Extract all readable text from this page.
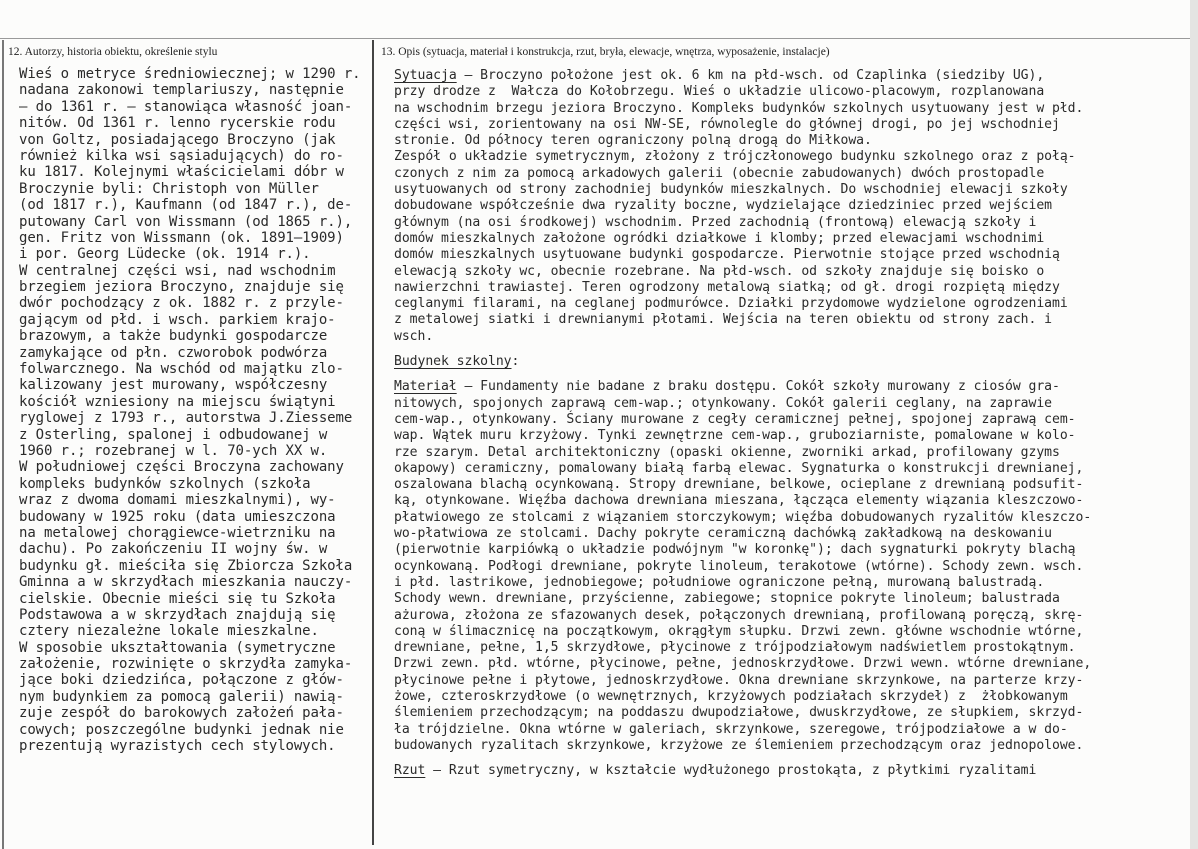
12. Autorzy, historia obiektu, określenie stylu	13. Opis (sytuacja, materiał i konstrukcja, rzut, bryła, elewacje, wnętrza, wyposażenie, instalacje)
Wieś o metryce średniowiecznej; w 1290 r.
nadana zakonowi templariuszy, następnie
– do 1361 r. – stanowiąca własność joan-
nitów. Od 1361 r. lenno rycerskie rodu
von Goltz, posiadającego Broczyno (jak
również kilka wsi sąsiadujących) do ro-
ku 1817. Kolejnymi właścicielami dóbr w
Broczynie byli: Christoph von Müller
(od 1817 r.), Kaufmann (od 1847 r.), de-
putowany Carl von Wissmann (od 1865 r.),
gen. Fritz von Wissmann (ok. 1891–1909)
i por. Georg Lüdecke (ok. 1914 r.).
W centralnej części wsi, nad wschodnim
brzegiem jeziora Broczyno, znajduje się
dwór pochodzący z ok. 1882 r. z przyle-
gającym od płd. i wsch. parkiem krajo-
brazowym, a także budynki gospodarcze
zamykające od płn. czworobok podwórza
folwarcznego. Na wschód od majątku zlo-
kalizowany jest murowany, współczesny
kościół wzniesiony na miejscu świątyni
ryglowej z 1793 r., autorstwa J.Ziesseme
z Osterling, spalonej i odbudowanej w
1960 r.; rozebranej w l. 70-ych XX w.
W południowej części Broczyna zachowany
kompleks budynków szkolnych (szkoła
wraz z dwoma domami mieszkalnymi), wy-
budowany w 1925 roku (data umieszczona
na metalowej chorągiewce-wietrzniku na
dachu). Po zakończeniu II wojny św. w
budynku gł. mieściła się Zbiorcza Szkoła
Gminna a w skrzydłach mieszkania nauczy-
cielskie. Obecnie mieści się tu Szkoła
Podstawowa a w skrzydłach znajdują się
cztery niezależne lokale mieszkalne.
W sposobie ukształtowania (symetryczne
założenie, rozwinięte o skrzydła zamyka-
jące boki dziedzińca, połączone z głów-
nym budynkiem za pomocą galerii) nawią-
zuje zespół do barokowych założeń pała-
cowych; poszczególne budynki jednak nie
prezentują wyrazistych cech stylowych.
Sytuacja – Broczyno położone jest ok. 6 km na płd-wsch. od Czaplinka (siedziby UG),
przy drodze z  Wałcza do Kołobrzegu. Wieś o układzie ulicowo-placowym, rozplanowana
na wschodnim brzegu jeziora Broczyno. Kompleks budynków szkolnych usytuowany jest w płd.
części wsi, zorientowany na osi NW-SE, równolegle do głównej drogi, po jej wschodniej
stronie. Od północy teren ograniczony polną drogą do Miłkowa.
Zespół o układzie symetrycznym, złożony z trójczłonowego budynku szkolnego oraz z połą-
czonych z nim za pomocą arkadowych galerii (obecnie zabudowanych) dwóch prostopadle
usytuowanych od strony zachodniej budynków mieszkalnych. Do wschodniej elewacji szkoły
dobudowane współcześnie dwa ryzality boczne, wydzielające dziedziniec przed wejściem
głównym (na osi środkowej) wschodnim. Przed zachodnią (frontową) elewacją szkoły i
domów mieszkalnych założone ogródki działkowe i klomby; przed elewacjami wschodnimi
domów mieszkalnych usytuowane budynki gospodarcze. Pierwotnie stojące przed wschodnią
elewacją szkoły wc, obecnie rozebrane. Na płd-wsch. od szkoły znajduje się boisko o
nawierzchni trawiastej. Teren ogrodzony metalową siatką; od gł. drogi rozpiętą między
ceglanymi filarami, na ceglanej podmurówce. Działki przydomowe wydzielone ogrodzeniami
z metalowej siatki i drewnianymi płotami. Wejścia na teren obiektu od strony zach. i
wsch.
Budynek szkolny:
Materiał – Fundamenty nie badane z braku dostępu. Cokół szkoły murowany z ciosów gra-
nitowych, spojonych zaprawą cem-wap.; otynkowany. Cokół galerii ceglany, na zaprawie
cem-wap., otynkowany. Ściany murowane z cegły ceramicznej pełnej, spojonej zaprawą cem-
wap. Wątek muru krzyżowy. Tynki zewnętrzne cem-wap., gruboziarniste, pomalowane w kolo-
rze szarym. Detal architektoniczny (opaski okienne, zworniki arkad, profilowany gzyms
okapowy) ceramiczny, pomalowany białą farbą elewac. Sygnaturka o konstrukcji drewnianej,
oszalowana blachą ocynkowaną. Stropy drewniane, belkowe, ocieplane z drewnianą podsufit-
ką, otynkowane. Więźba dachowa drewniana mieszana, łącząca elementy wiązania kleszczowo-
płatwiowego ze stolcami z wiązaniem storczykowym; więźba dobudowanych ryzalitów kleszczo-
wo-płatwiowa ze stolcami. Dachy pokryte ceramiczną dachówką zakładkową na deskowaniu
(pierwotnie karpiówką o układzie podwójnym "w koronkę"); dach sygnaturki pokryty blachą
ocynkowaną. Podłogi drewniane, pokryte linoleum, terakotowe (wtórne). Schody zewn. wsch.
i płd. lastrikowe, jednobiegowe; południowe ograniczone pełną, murowaną balustradą.
Schody wewn. drewniane, przyścienne, zabiegowe; stopnice pokryte linoleum; balustrada
ażurowa, złożona ze sfazowanych desek, połączonych drewnianą, profilowaną poręczą, skrę-
coną w ślimacznicę na początkowym, okrągłym słupku. Drzwi zewn. główne wschodnie wtórne,
drewniane, pełne, 1,5 skrzydłowe, płycinowe z trójpodziałowym nadświetlem prostokątnym.
Drzwi zewn. płd. wtórne, płycinowe, pełne, jednoskrzydłowe. Drzwi wewn. wtórne drewniane,
płycinowe pełne i płytowe, jednoskrzydłowe. Okna drewniane skrzynkowe, na parterze krzy-
żowe, czteroskrzydłowe (o wewnętrznych, krzyżowych podziałach skrzydeł) z  żłobkowanym
ślemieniem przechodzącym; na poddaszu dwupodziałowe, dwuskrzydłowe, ze słupkiem, skrzyd-
ła trójdzielne. Okna wtórne w galeriach, skrzynkowe, szeregowe, trójpodziałowe a w do-
budowanych ryzalitach skrzynkowe, krzyżowe ze ślemieniem przechodzącym oraz jednopolowe.
Rzut – Rzut symetryczny, w kształcie wydłużonego prostokąta, z płytkimi ryzalitami
